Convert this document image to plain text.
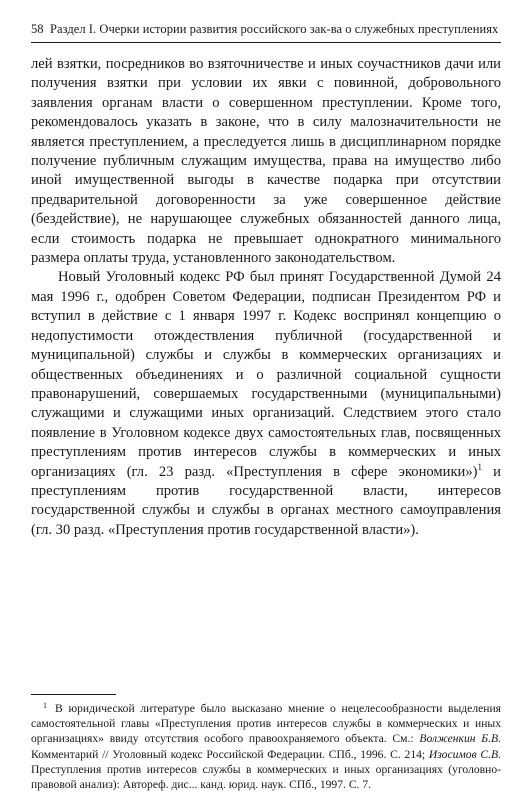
58 Раздел I. Очерки истории развития российского зак-ва о служебных преступлениях

лей взятки, посредников во взяточничестве и иных соучастников дачи или получения взятки при условии их явки с повинной, добровольного заявления органам власти о совершенном преступлении. Кроме того, рекомендовалось указать в законе, что в силу малозначительности не является преступлением, а преследуется лишь в дисциплинарном порядке получение публичным служащим имущества, права на имущество либо иной имущественной выгоды в качестве подарка при отсутствии предварительной договоренности за уже совершенное действие (бездействие), не нарушающее служебных обязанностей данного лица, если стоимость подарка не превышает однократного минимального размера оплаты труда, установленного законодательством.

Новый Уголовный кодекс РФ был принят Государственной Думой 24 мая 1996 г., одобрен Советом Федерации, подписан Президентом РФ и вступил в действие с 1 января 1997 г. Кодекс воспринял концепцию о недопустимости отождествления публичной (государственной и муниципальной) службы и службы в коммерческих организациях и общественных объединениях и о различной социальной сущности правонарушений, совершаемых государственными (муниципальными) служащими и служащими иных организаций. Следствием этого стало появление в Уголовном кодексе двух самостоятельных глав, посвященных преступлениям против интересов службы в коммерческих и иных организациях (гл. 23 разд. «Преступления в сфере экономики»)$^1$ и преступлениям против государственной власти, интересов государственной службы и службы в органах местного самоуправления (гл. 30 разд. «Преступления против государственной власти»).

$^1$ В юридической литературе было высказано мнение о нецелесообразности выделения самостоятельной главы «Преступления против интересов службы в коммерческих и иных организациях» ввиду отсутствия особого правоохраняемого объекта. См.: Волженкин Б.В. Комментарий // Уголовный кодекс Российской Федерации. СПб., 1996. С. 214; Изосимов С.В. Преступления против интересов службы в коммерческих и иных организациях (уголовно-правовой анализ): Автореф. дис... канд. юрид. наук. СПб., 1997. С. 7.
